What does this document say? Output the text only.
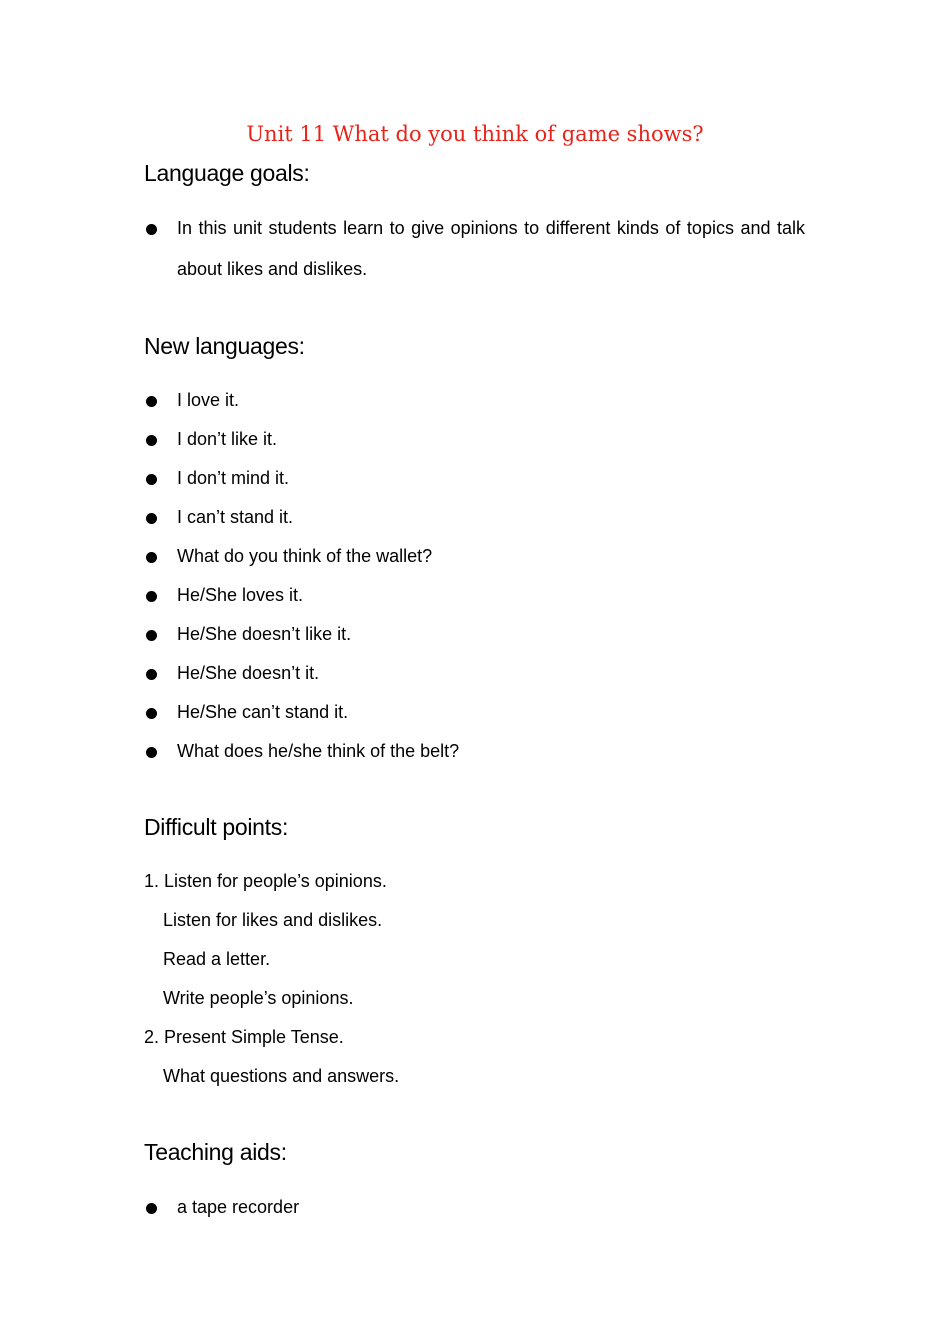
Unit 11 What do you think of game shows?
Language goals:
In this unit students learn to give opinions to different kinds of topics and talk about likes and dislikes.
New languages:
I love it.
I don’t like it.
I don’t mind it.
I can’t stand it.
What do you think of the wallet?
He/She loves it.
He/She doesn’t like it.
He/She doesn’t it.
He/She can’t stand it.
What does he/she think of the belt?
Difficult points:
1. Listen for people’s opinions.
Listen for likes and dislikes.
Read a letter.
Write people’s opinions.
2. Present Simple Tense.
What questions and answers.
Teaching aids:
a tape recorder
